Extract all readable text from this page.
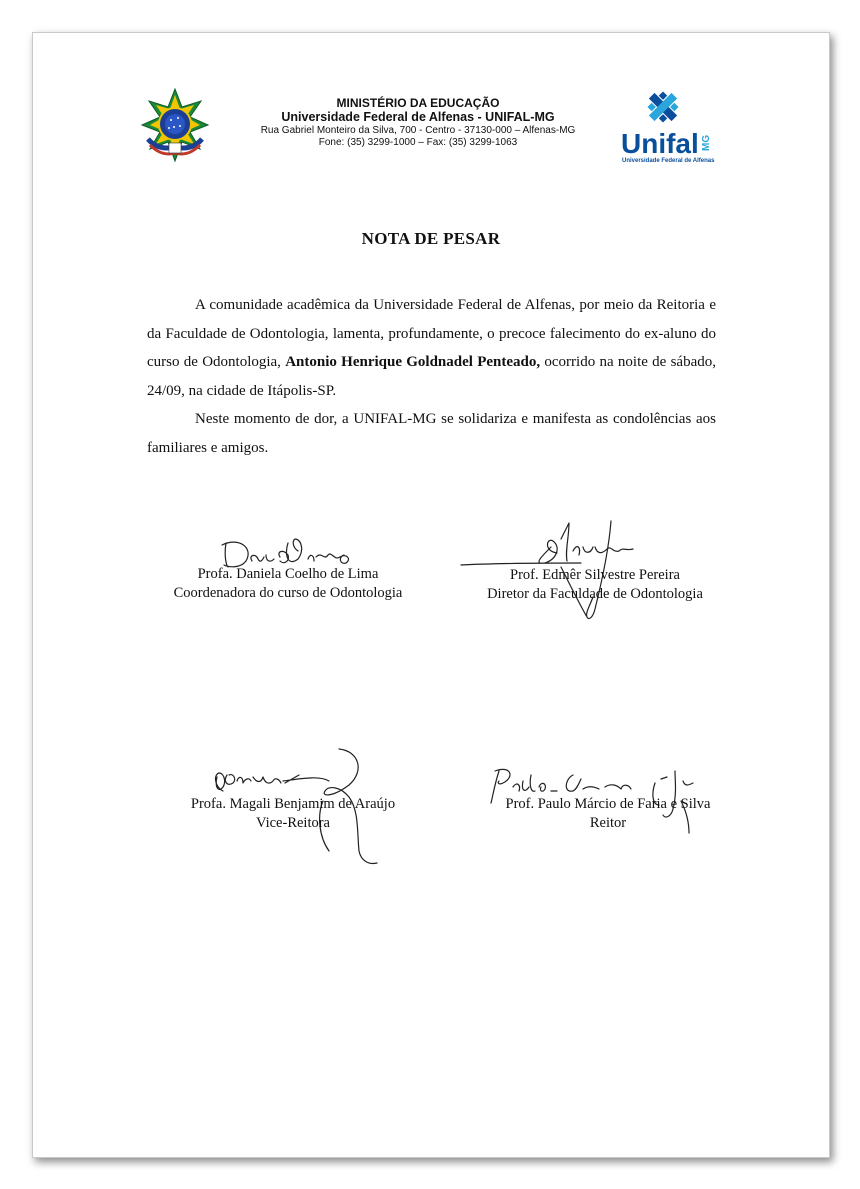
MINISTÉRIO DA EDUCAÇÃO
Universidade Federal de Alfenas - UNIFAL-MG
Rua Gabriel Monteiro da Silva, 700 - Centro - 37130-000 – Alfenas-MG
Fone: (35) 3299-1000 – Fax: (35) 3299-1063	Unifal MG
Universidade Federal de Alfenas
NOTA DE PESAR

A comunidade acadêmica da Universidade Federal de Alfenas, por meio da Reitoria e da Faculdade de Odontologia, lamenta, profundamente, o precoce falecimento do ex-aluno do curso de Odontologia, Antonio Henrique Goldnadel Penteado, ocorrido na noite de sábado, 24/09, na cidade de Itápolis-SP.

Neste momento de dor, a UNIFAL-MG se solidariza e manifesta as condolências aos familiares e amigos.

Profa. Daniela Coelho de Lima
Coordenadora do curso de Odontologia
Prof. Edmêr Silvestre Pereira
Diretor da Faculdade de Odontologia
Profa. Magali Benjamim de Araújo
Vice-Reitora
Prof. Paulo Márcio de Faria e Silva
Reitor
